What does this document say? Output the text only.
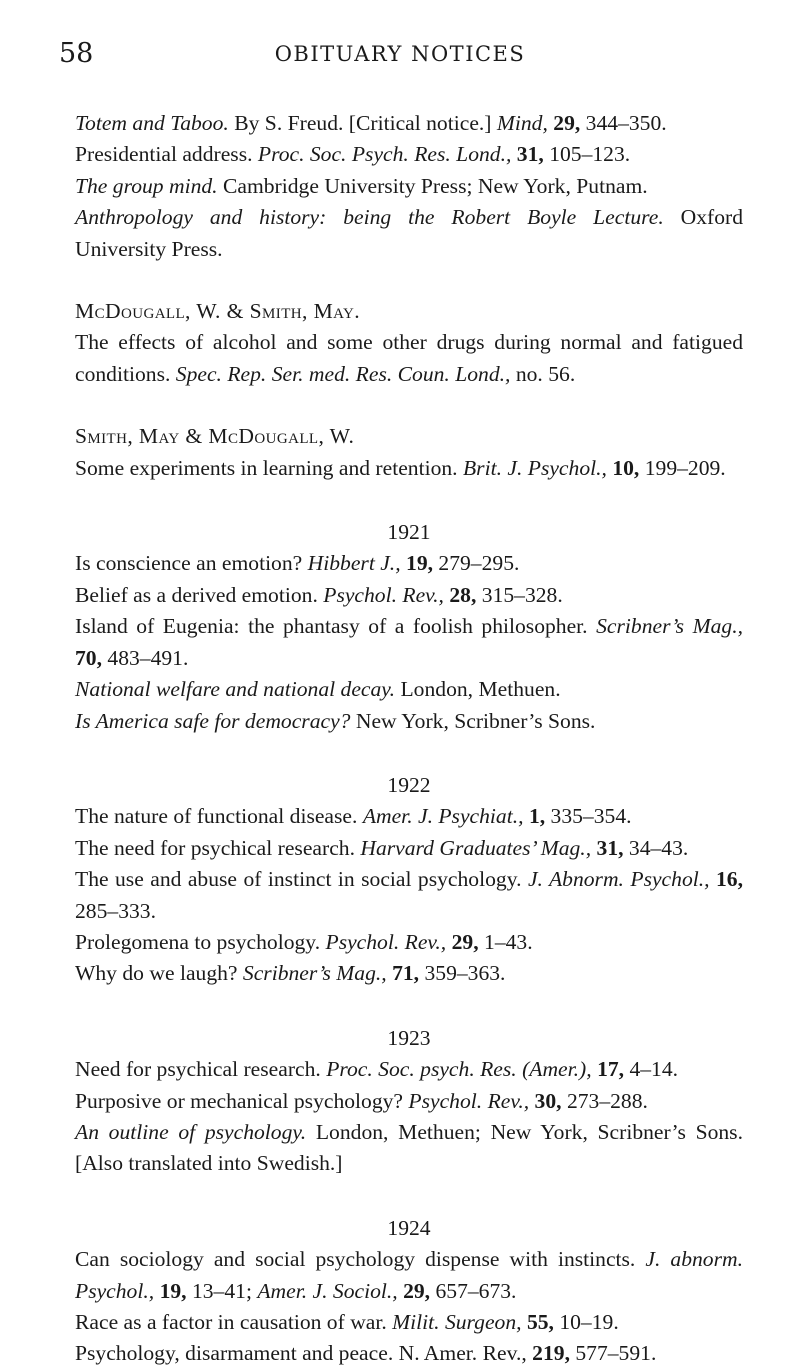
58	OBITUARY NOTICES

Totem and Taboo. By S. Freud. [Critical notice.] Mind, 29, 344–350.

Presidential address. Proc. Soc. Psych. Res. Lond., 31, 105–123.

The group mind. Cambridge University Press; New York, Putnam.

Anthropology and history: being the Robert Boyle Lecture. Oxford University Press.

McDougall, W. & Smith, May.

The effects of alcohol and some other drugs during normal and fatigued conditions. Spec. Rep. Ser. med. Res. Coun. Lond., no. 56.

Smith, May & McDougall, W.

Some experiments in learning and retention. Brit. J. Psychol., 10, 199–209.

1921

Is conscience an emotion? Hibbert J., 19, 279–295.

Belief as a derived emotion. Psychol. Rev., 28, 315–328.

Island of Eugenia: the phantasy of a foolish philosopher. Scribner’s Mag., 70, 483–491.

National welfare and national decay. London, Methuen.

Is America safe for democracy? New York, Scribner’s Sons.

1922

The nature of functional disease. Amer. J. Psychiat., 1, 335–354.

The need for psychical research. Harvard Graduates’ Mag., 31, 34–43.

The use and abuse of instinct in social psychology. J. Abnorm. Psychol., 16, 285–333.

Prolegomena to psychology. Psychol. Rev., 29, 1–43.

Why do we laugh? Scribner’s Mag., 71, 359–363.

1923

Need for psychical research. Proc. Soc. psych. Res. (Amer.), 17, 4–14.

Purposive or mechanical psychology? Psychol. Rev., 30, 273–288.

An outline of psychology. London, Methuen; New York, Scribner’s Sons. [Also translated into Swedish.]

1924

Can sociology and social psychology dispense with instincts. J. abnorm. Psychol., 19, 13–41; Amer. J. Sociol., 29, 657–673.

Race as a factor in causation of war. Milit. Surgeon, 55, 10–19.

Psychology, disarmament and peace. N. Amer. Rev., 219, 577–591.
